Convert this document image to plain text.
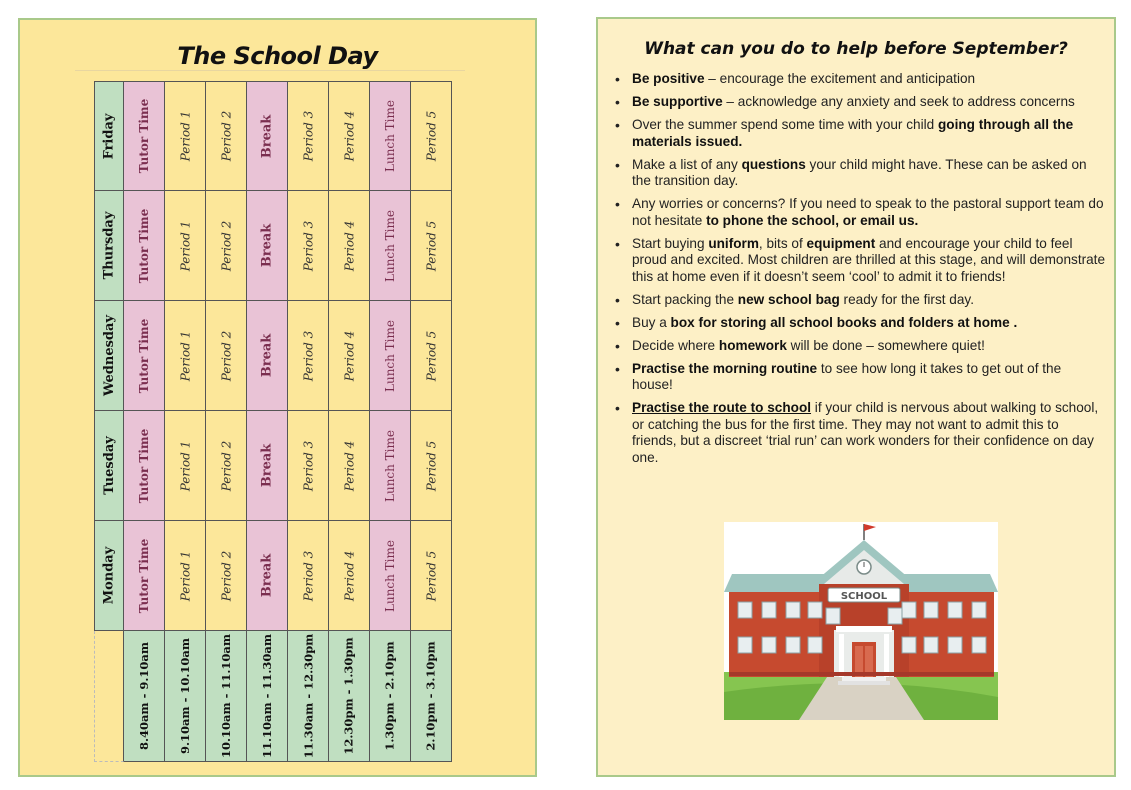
The School Day
Friday Tutor Time Period 1 Period 2 Break Period 3 Period 4 Lunch Time Period 5
Thursday Tutor Time Period 1 Period 2 Break Period 3 Period 4 Lunch Time Period 5
Wednesday Tutor Time Period 1 Period 2 Break Period 3 Period 4 Lunch Time Period 5
Tuesday Tutor Time Period 1 Period 2 Break Period 3 Period 4 Lunch Time Period 5
Monday Tutor Time Period 1 Period 2 Break Period 3 Period 4 Lunch Time Period 5
8.40am - 9.10am 9.10am - 10.10am 10.10am - 11.10am 11.10am - 11.30am 11.30am - 12.30pm 12.30pm - 1.30pm 1.30pm - 2.10pm 2.10pm - 3.10pm
What can you do to help before September?
• Be positive – encourage the excitement and anticipation
• Be supportive – acknowledge any anxiety and seek to address concerns
• Over the summer spend some time with your child going through all the materials issued.
• Make a list of any questions your child might have. These can be asked on the transition day.
• Any worries or concerns? If you need to speak to the pastoral support team do not hesitate to phone the school, or email us.
• Start buying uniform, bits of equipment and encourage your child to feel proud and excited. Most children are thrilled at this stage, and will demonstrate this at home even if it doesn’t seem ‘cool’ to admit it to friends!
• Start packing the new school bag ready for the first day.
• Buy a box for storing all school books and folders at home .
• Decide where homework will be done – somewhere quiet!
• Practise the morning routine to see how long it takes to get out of the house!
• Practise the route to school if your child is nervous about walking to school, or catching the bus for the first time. They may not want to admit this to friends, but a discreet ‘trial run’ can work wonders for their confidence on day one.
SCHOOL
